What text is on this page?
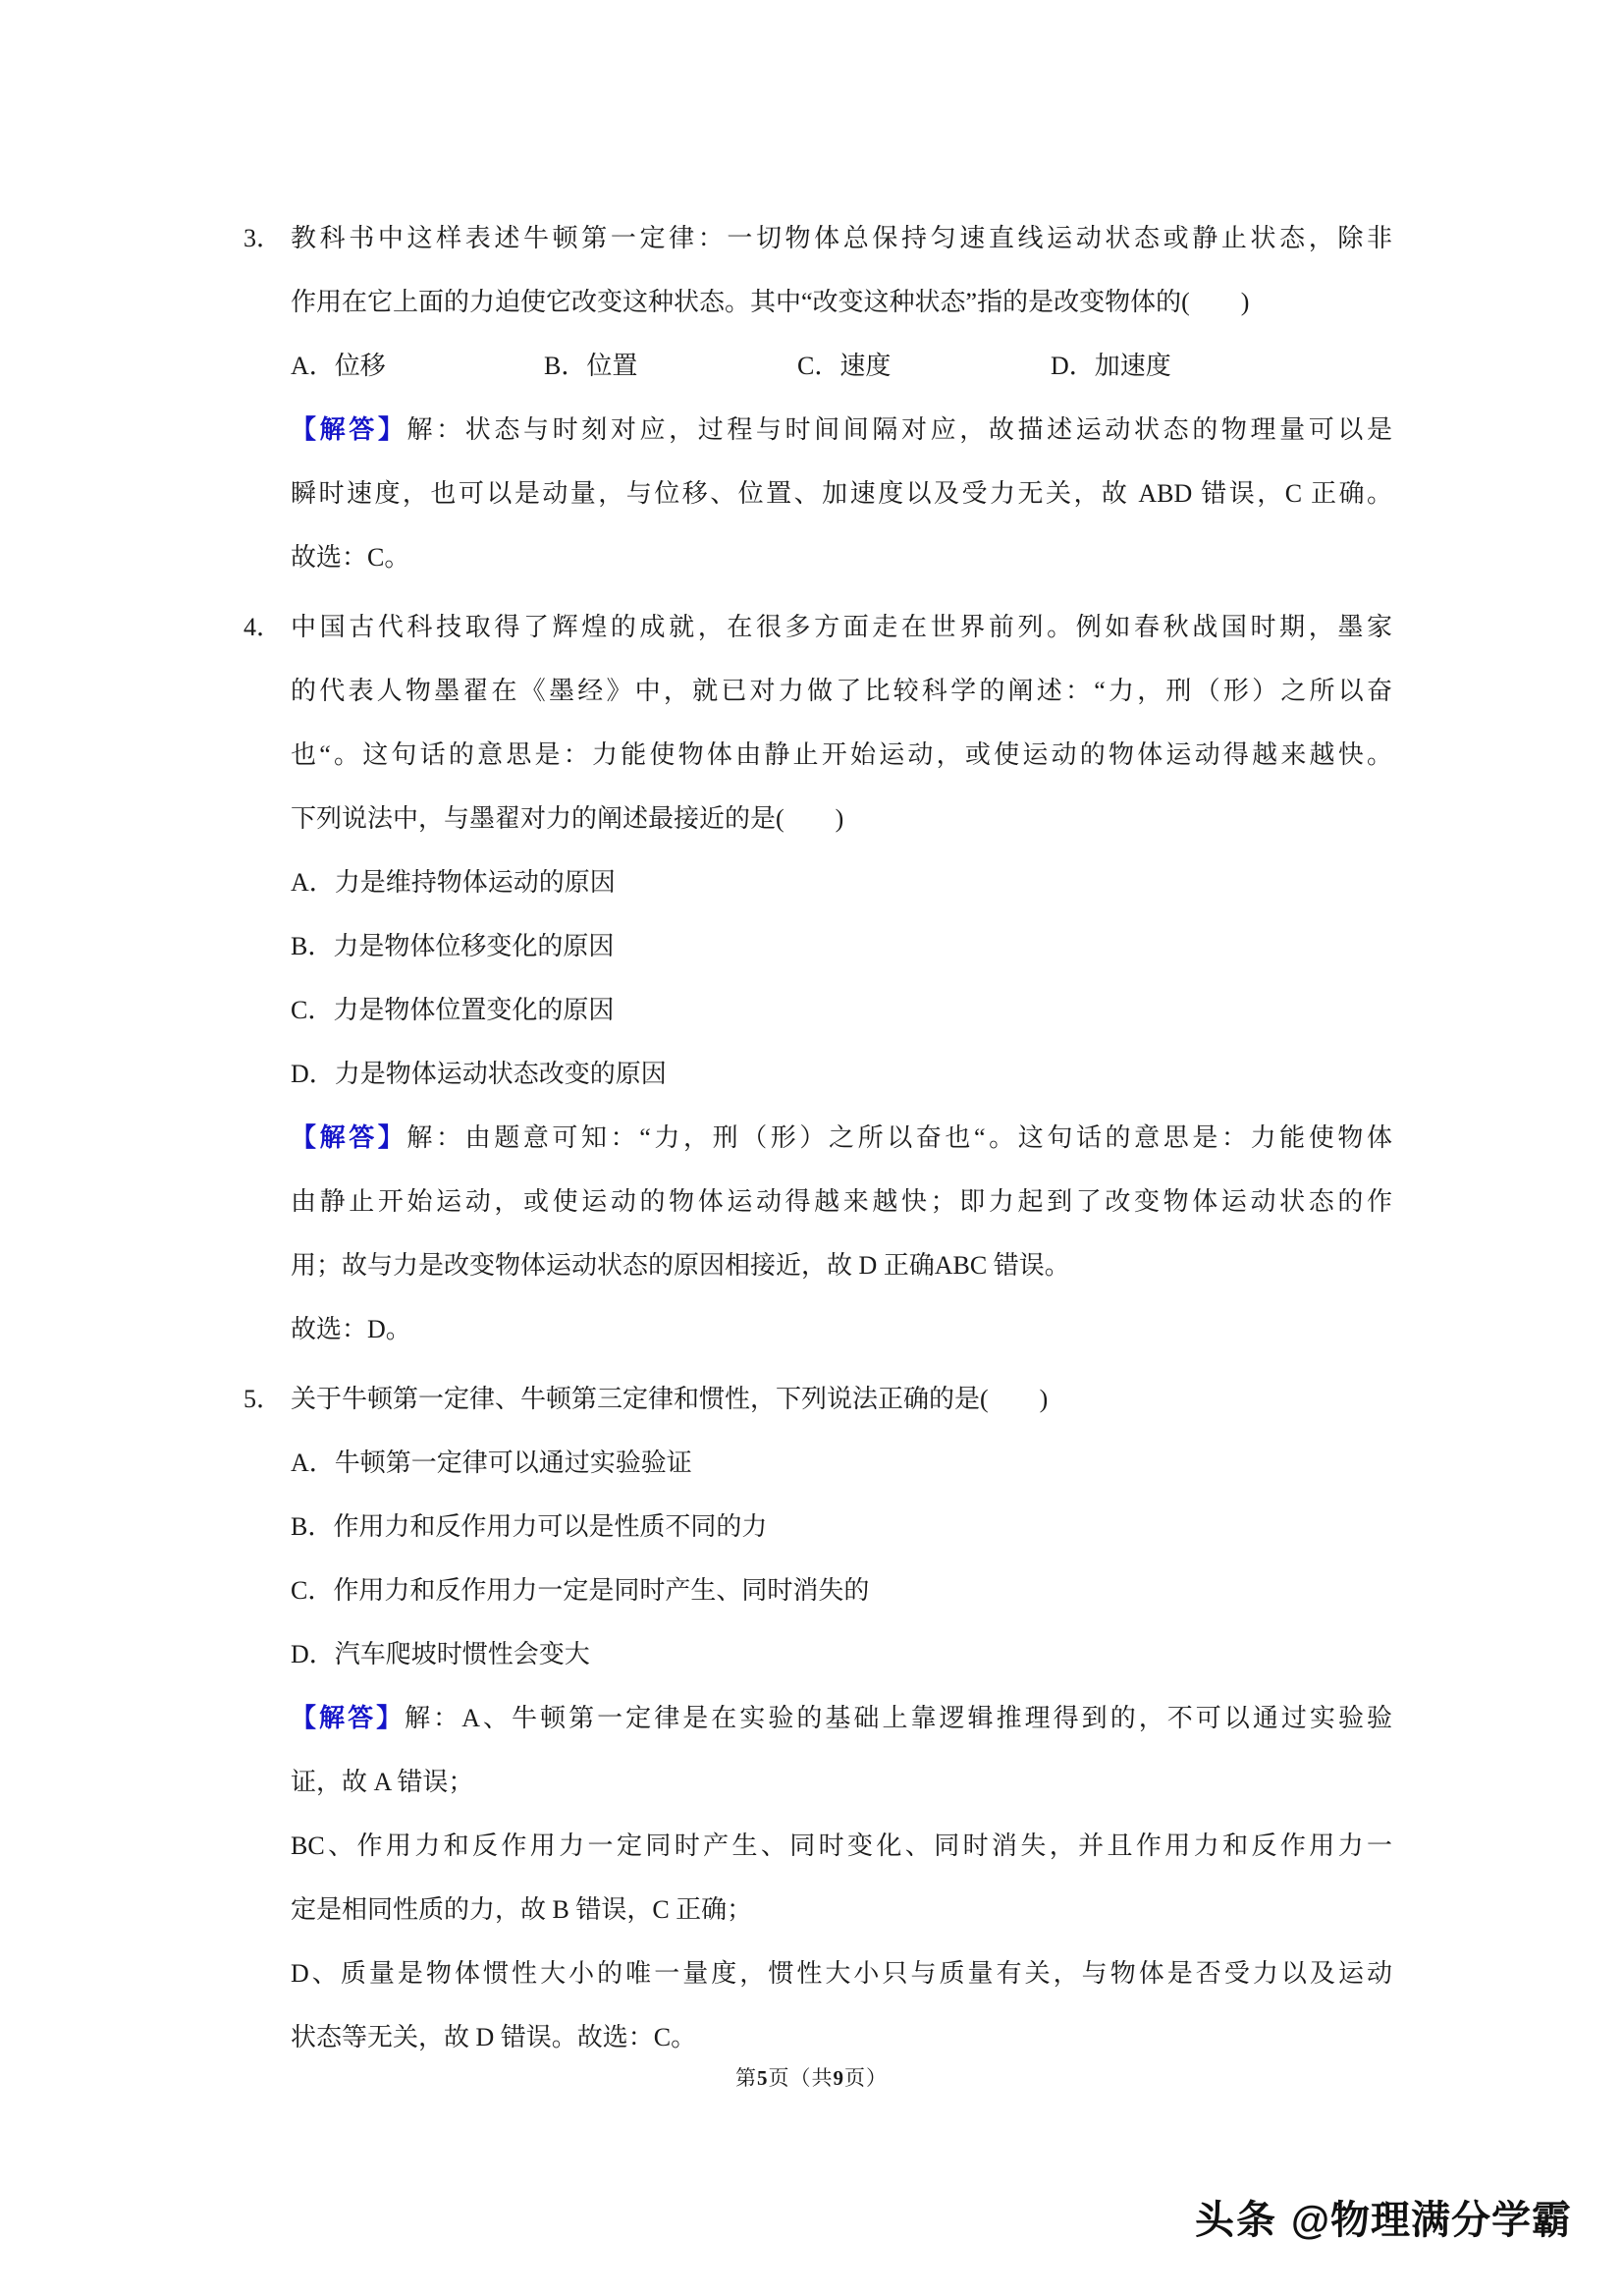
3． 教科书中这样表述牛顿第一定律：一切物体总保持匀速直线运动状态或静止状态，除非
作用在它上面的力迫使它改变这种状态。其中“改变这种状态”指的是改变物体的(　　)
A．位移	B．位置	C．速度	D．加速度
【解答】解：状态与时刻对应，过程与时间间隔对应，故描述运动状态的物理量可以是
瞬时速度，也可以是动量，与位移、位置、加速度以及受力无关，故 ABD 错误，C 正确。
故选：C。
4． 中国古代科技取得了辉煌的成就，在很多方面走在世界前列。例如春秋战国时期，墨家
的代表人物墨翟在《墨经》中，就已对力做了比较科学的阐述：“力，刑（形）之所以奋
也“。这句话的意思是：力能使物体由静止开始运动，或使运动的物体运动得越来越快。
下列说法中，与墨翟对力的阐述最接近的是(　　)
A．力是维持物体运动的原因
B．力是物体位移变化的原因
C．力是物体位置变化的原因
D．力是物体运动状态改变的原因
【解答】解：由题意可知：“力，刑（形）之所以奋也“。这句话的意思是：力能使物体
由静止开始运动，或使运动的物体运动得越来越快；即力起到了改变物体运动状态的作
用；故与力是改变物体运动状态的原因相接近，故 D 正确ABC 错误。
故选：D。
5． 关于牛顿第一定律、牛顿第三定律和惯性，下列说法正确的是(　　)
A．牛顿第一定律可以通过实验验证
B．作用力和反作用力可以是性质不同的力
C．作用力和反作用力一定是同时产生、同时消失的
D．汽车爬坡时惯性会变大
【解答】解：A、牛顿第一定律是在实验的基础上靠逻辑推理得到的，不可以通过实验验
证，故 A 错误；
BC、作用力和反作用力一定同时产生、同时变化、同时消失，并且作用力和反作用力一
定是相同性质的力，故 B 错误，C 正确；
D、质量是物体惯性大小的唯一量度，惯性大小只与质量有关，与物体是否受力以及运动
状态等无关，故 D 错误。故选：C。
第5页（共9页）
头条 @物理满分学霸
